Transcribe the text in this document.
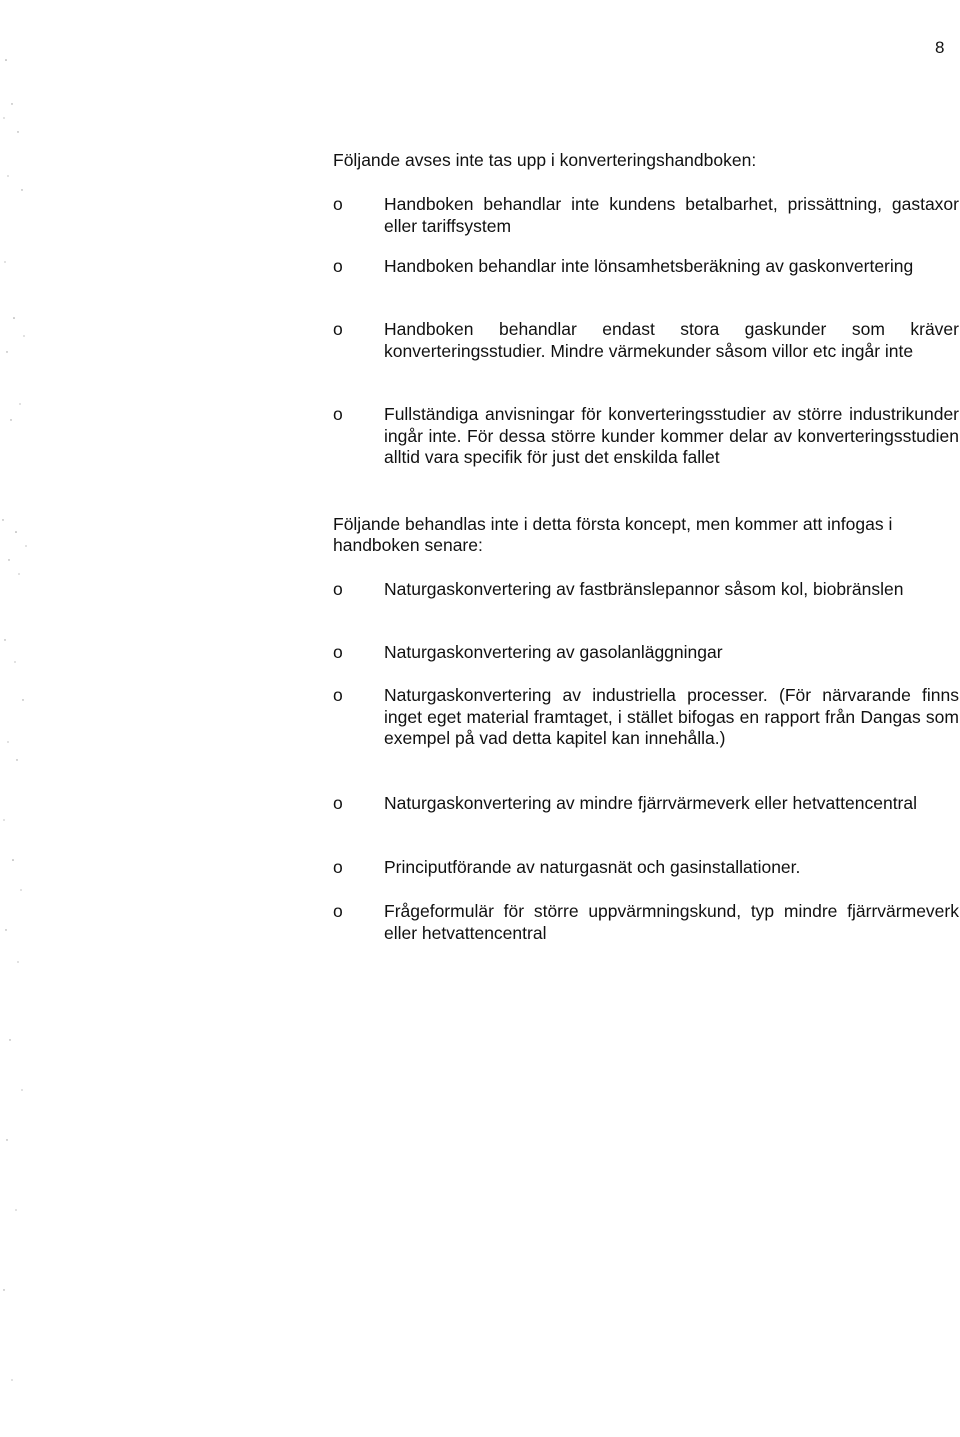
8

Följande avses inte tas upp i konverteringshandboken:

o Handboken behandlar inte kundens betalbarhet, prissättning, gastaxor eller tariffsystem
o Handboken behandlar inte lönsamhetsberäkning av gaskonvertering
o Handboken behandlar endast stora gaskunder som kräver konverteringsstudier. Mindre värmekunder såsom villor etc ingår inte
o Fullständiga anvisningar för konverteringsstudier av större industrikunder ingår inte. För dessa större kunder kommer delar av konverteringsstudien alltid vara specifik för just det enskilda fallet

Följande behandlas inte i detta första koncept, men kommer att infogas i handboken senare:

o Naturgaskonvertering av fastbränslepannor såsom kol, biobränslen
o Naturgaskonvertering av gasolanläggningar
o Naturgaskonvertering av industriella processer. (För närvarande finns inget eget material framtaget, i stället bifogas en rapport från Dangas som exempel på vad detta kapitel kan innehålla.)
o Naturgaskonvertering av mindre fjärrvärmeverk eller hetvattencentral
o Principutförande av naturgasnät och gasinstallationer.
o Frågeformulär för större uppvärmningskund, typ mindre fjärrvärmeverk eller hetvattencentral
